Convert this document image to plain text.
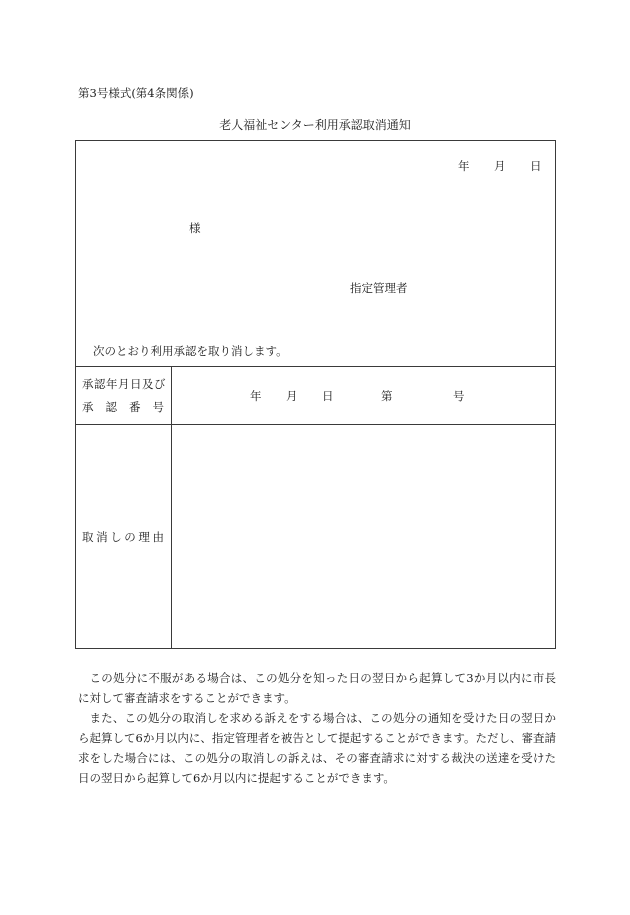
第3号様式(第4条関係)
老人福祉センター利用承認取消通知
年 月 日
様
指定管理者
次のとおり利用承認を取り消します。
承認年月日及び
承認番号
年 月 日	第	号
取消しの理由

この処分に不服がある場合は、この処分を知った日の翌日から起算して3か月以内に市長に対して審査請求をすることができます。

また、この処分の取消しを求める訴えをする場合は、この処分の通知を受けた日の翌日から起算して6か月以内に、指定管理者を被告として提起することができます。ただし、審査請求をした場合には、この処分の取消しの訴えは、その審査請求に対する裁決の送達を受けた日の翌日から起算して6か月以内に提起することができます。
